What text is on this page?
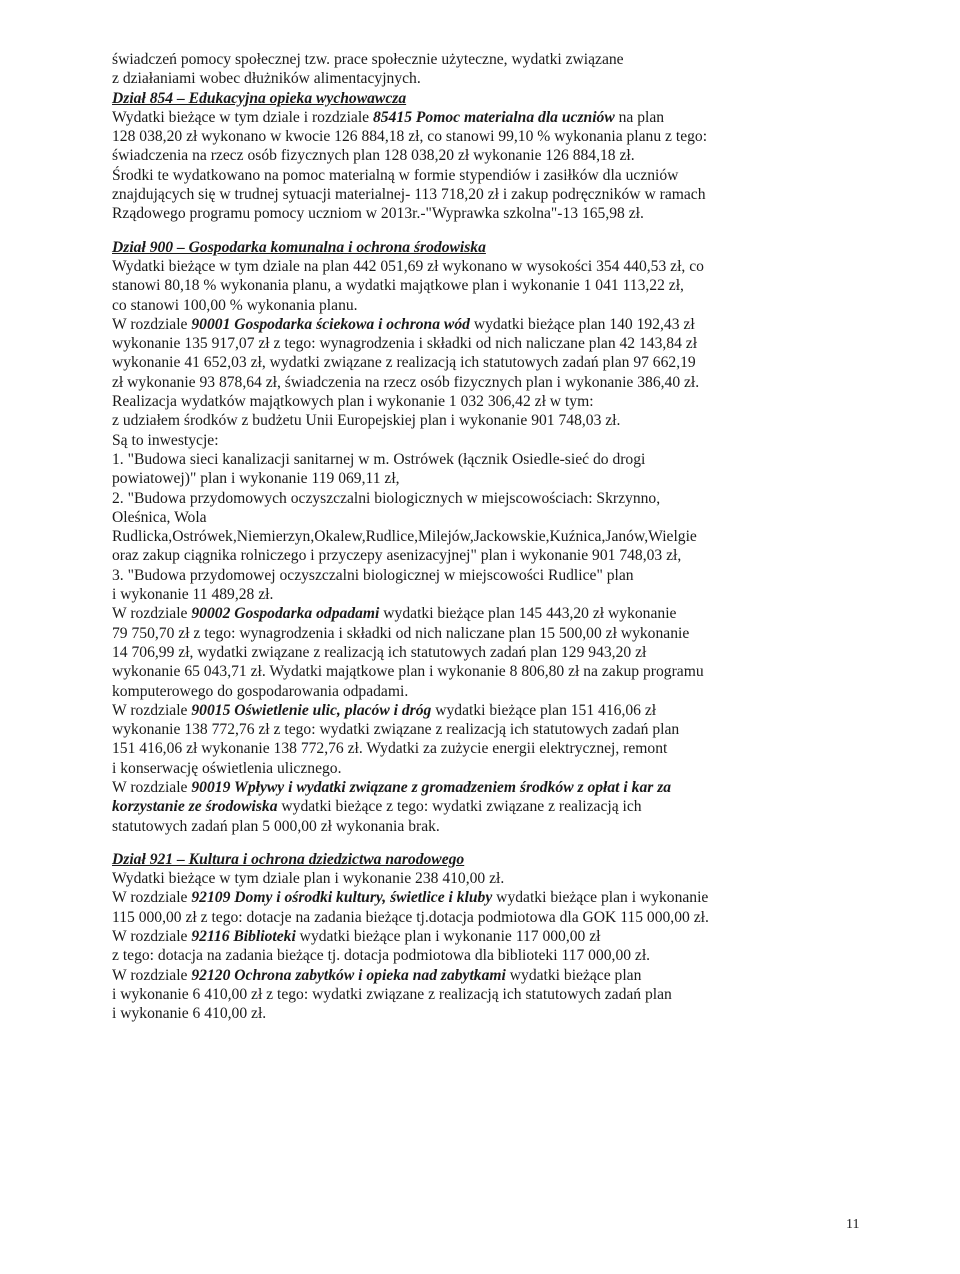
świadczeń pomocy społecznej tzw. prace społecznie użyteczne, wydatki związane
z działaniami wobec dłużników alimentacyjnych.

Dział 854 – Edukacyjna opieka wychowawcza

Wydatki bieżące w tym dziale i rozdziale 85415 Pomoc materialna dla uczniów na plan
128 038,20 zł wykonano w kwocie 126 884,18 zł, co stanowi 99,10 % wykonania planu z tego:
świadczenia na rzecz osób fizycznych plan 128 038,20 zł wykonanie 126 884,18 zł.
Środki te wydatkowano na pomoc materialną w formie stypendiów i zasiłków dla uczniów
znajdujących się w trudnej sytuacji materialnej- 113 718,20 zł i zakup podręczników w ramach
Rządowego programu pomocy uczniom w 2013r.-"Wyprawka szkolna"-13 165,98 zł.

Dział 900 – Gospodarka komunalna i ochrona środowiska

Wydatki bieżące w tym dziale na plan 442 051,69 zł wykonano w wysokości 354 440,53 zł, co
stanowi 80,18 % wykonania planu, a wydatki majątkowe plan i wykonanie 1 041 113,22 zł,
co stanowi 100,00 % wykonania planu.

W rozdziale 90001 Gospodarka ściekowa i ochrona wód wydatki bieżące plan 140 192,43 zł
wykonanie 135 917,07 zł z tego: wynagrodzenia i składki od nich naliczane plan 42 143,84 zł
wykonanie 41 652,03 zł, wydatki związane z realizacją ich statutowych zadań plan 97 662,19
zł wykonanie 93 878,64 zł, świadczenia na rzecz osób fizycznych plan i wykonanie 386,40 zł.
Realizacja wydatków majątkowych plan i wykonanie 1 032 306,42 zł w tym:
z udziałem środków z budżetu Unii Europejskiej plan i wykonanie 901 748,03 zł.
Są to inwestycje:
1. "Budowa sieci kanalizacji sanitarnej w m. Ostrówek (łącznik Osiedle-sieć do drogi
powiatowej)" plan i wykonanie 119 069,11 zł,
2. "Budowa przydomowych oczyszczalni biologicznych w miejscowościach: Skrzynno,
Oleśnica, Wola
Rudlicka,Ostrówek,Niemierzyn,Okalew,Rudlice,Milejów,Jackowskie,Kuźnica,Janów,Wielgie
oraz zakup ciągnika rolniczego i przyczepy asenizacyjnej" plan i wykonanie 901 748,03 zł,
3. "Budowa przydomowej oczyszczalni biologicznej w miejscowości Rudlice" plan
i wykonanie 11 489,28 zł.

W rozdziale 90002 Gospodarka odpadami wydatki bieżące plan 145 443,20 zł wykonanie
79 750,70 zł z tego: wynagrodzenia i składki od nich naliczane plan 15 500,00 zł wykonanie
14 706,99 zł, wydatki związane z realizacją ich statutowych zadań plan 129 943,20 zł
wykonanie 65 043,71 zł. Wydatki majątkowe plan i wykonanie 8 806,80 zł na zakup programu
komputerowego do gospodarowania odpadami.

W rozdziale 90015 Oświetlenie ulic, placów i dróg wydatki bieżące plan 151 416,06 zł
wykonanie 138 772,76 zł z tego: wydatki związane z realizacją ich statutowych zadań plan
151 416,06 zł wykonanie 138 772,76 zł. Wydatki za zużycie energii elektrycznej, remont
i konserwację oświetlenia ulicznego.

W rozdziale 90019 Wpływy i wydatki związane z gromadzeniem środków z opłat i kar za
korzystanie ze środowiska wydatki bieżące z tego: wydatki związane z realizacją ich
statutowych zadań plan 5 000,00 zł wykonania brak.

Dział 921 – Kultura i ochrona dziedzictwa narodowego

Wydatki bieżące w tym dziale plan i wykonanie 238 410,00 zł.
W rozdziale 92109 Domy i ośrodki kultury, świetlice i kluby wydatki bieżące plan i wykonanie
115 000,00 zł z tego: dotacje na zadania bieżące tj.dotacja podmiotowa dla GOK 115 000,00 zł.
W rozdziale 92116 Biblioteki wydatki bieżące plan i wykonanie 117 000,00 zł
z tego: dotacja na zadania bieżące tj. dotacja podmiotowa dla biblioteki 117 000,00 zł.
W rozdziale 92120 Ochrona zabytków i opieka nad zabytkami wydatki bieżące plan
i wykonanie 6 410,00 zł z tego: wydatki związane z realizacją ich statutowych zadań plan
i wykonanie 6 410,00 zł.

11
